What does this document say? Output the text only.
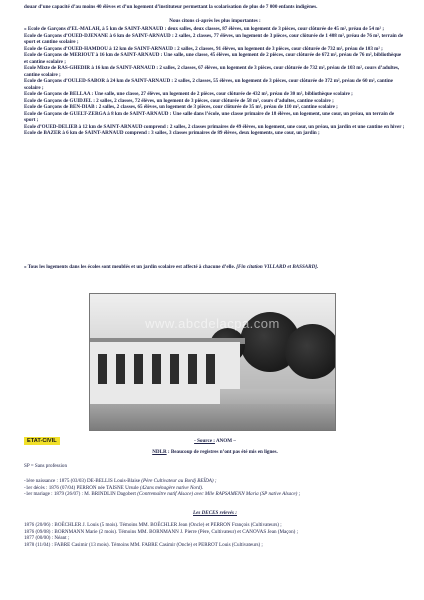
douar d’une capacité d’au moins 40 élèves et d’un logement d’instituteur permettant la scolarisation de plus de 7 000 enfants indigènes.
Nous citons ci-après les plus importantes :
« Ecole de Garçons d’EL-MALAH, à 5 km de SAINT-ARNAUD : deux salles, deux classes, 87 élèves, un logement de 3 pièces, cour clôturée de 45 m², préau de 54 m² ;
Ecole de Garçons d’OUED-DJENANE à 6 km de SAINT-ARNAUD : 2 salles, 2 classes, 77 élèves, un logement de 3 pièces, cour clôturée de 1 408 m², préau de 76 m², terrain de sport et cantine scolaire ;
Ecole de Garçons d’OUED-HAMDOU à 12 km de SAINT-ARNAUD : 2 salles, 2 classes, 91 élèves, un logement de 3 pièces, cour clôturée de 732 m², préau de 103 m² ;
Ecole de Garçons de MERIOUT à 16 km de SAINT-ARNAUD : Une salle, une classe, 45 élèves, un logement de 2 pièces, cour clôturée de 672 m², préau de 76 m², bibliothèque et cantine scolaire ;
Ecole Mixte de RAS-GHEDIR à 16 km de SAINT-ARNAUD : 2 salles, 2 classes, 67 élèves, un logement de 3 pièces, cour clôturée de 732 m², préau de 103 m², cours d’adultes, cantine scolaire ;
Ecole de Garçons d’OULED-SABOR à 24 km de SAINT-ARNAUD : 2 salles, 2 classes, 55 élèves, un logement de 3 pièces, cour clôturée de 372 m², préau de 60 m², cantine scolaire ;
Ecole de Garçons de BELLAA : Une salle, une classe, 27 élèves, un logement de 2 pièces, cour clôturée de 432 m², préau de 30 m², bibliothèque scolaire ;
Ecole de Garçons de GUIDJEL : 2 salles, 2 classes, 72 élèves, un logement de 3 pièces, cour clôturée de 58 m², cours d’adultes, cantine scolaire ;
Ecole de Garçons de BEN-DIAB : 2 salles, 2 classes, 65 élèves, un logement de 3 pièces, cour clôturée de 35 m², préau de 110 m², cantine scolaire ;
Ecole de Garçons de GUELT-ZERGA à 8 km de SAINT-ARNAUD : Une salle dans l’école, une classe primaire de 18 élèves, un logement, une cour, un préau, un terrain de sport ;
Ecole d’OUED-DELIEB à 12 km de SAINT-ARNAUD comprend : 2 salles, 2 classes primaires de 49 élèves, un logement, une cour, un préau, un jardin et une cantine en hiver ;
Ecole de BAZER à 6 km de SAINT-ARNAUD comprend : 3 salles, 3 classes primaires de 89 élèves, deux logements, une cour, un jardin ;
« Tous les logements dans les écoles sont meublés et un jardin scolaire est affecté à chacune d’elle. [Fin citation VILLARD et BASSARD].
www.abcdelacpa.com
ETAT-CIVIL	- Source : ANOM –
NDLR : Beaucoup de registres n’ont pas été mis en lignes.
SP = Sans profession
-1ère naissance : 1875 (03/03) DE-BELLIS Louis-Blaise (Père Cultivateur au Bordj BEÏDA) ;
-1er décès : 1876 (07/04) PERRON née TAISNE Ursule (42ans ménagère native Nord).
-1er mariage : 1879 (26/07) : M. BRINDLIN Dagobert (Contremaître natif Alsace) avec Mlle RAPSAMENN Maria (SP native Alsace) ;
Les DECES relevés :
1876 (20/06) : BOËCHLER J. Louis (5 mois). Témoins MM. BOËCHLER Jean (Oncle) et PERRON François (Cultivateurs) ;
1876 (09/08) : BORNMANN Marie (2 mois). Témoins MM. BORNMANN J. Pierre (Père, Cultivateur) et CANOVAS Jean (Maçon) ;
1877 (00/00) : Néant ;
1878 (11/04) : FABRE Casimir (13 mois). Témoins MM. FABRE Casimir (Oncle) et PERROT Louis (Cultivateurs) ;
